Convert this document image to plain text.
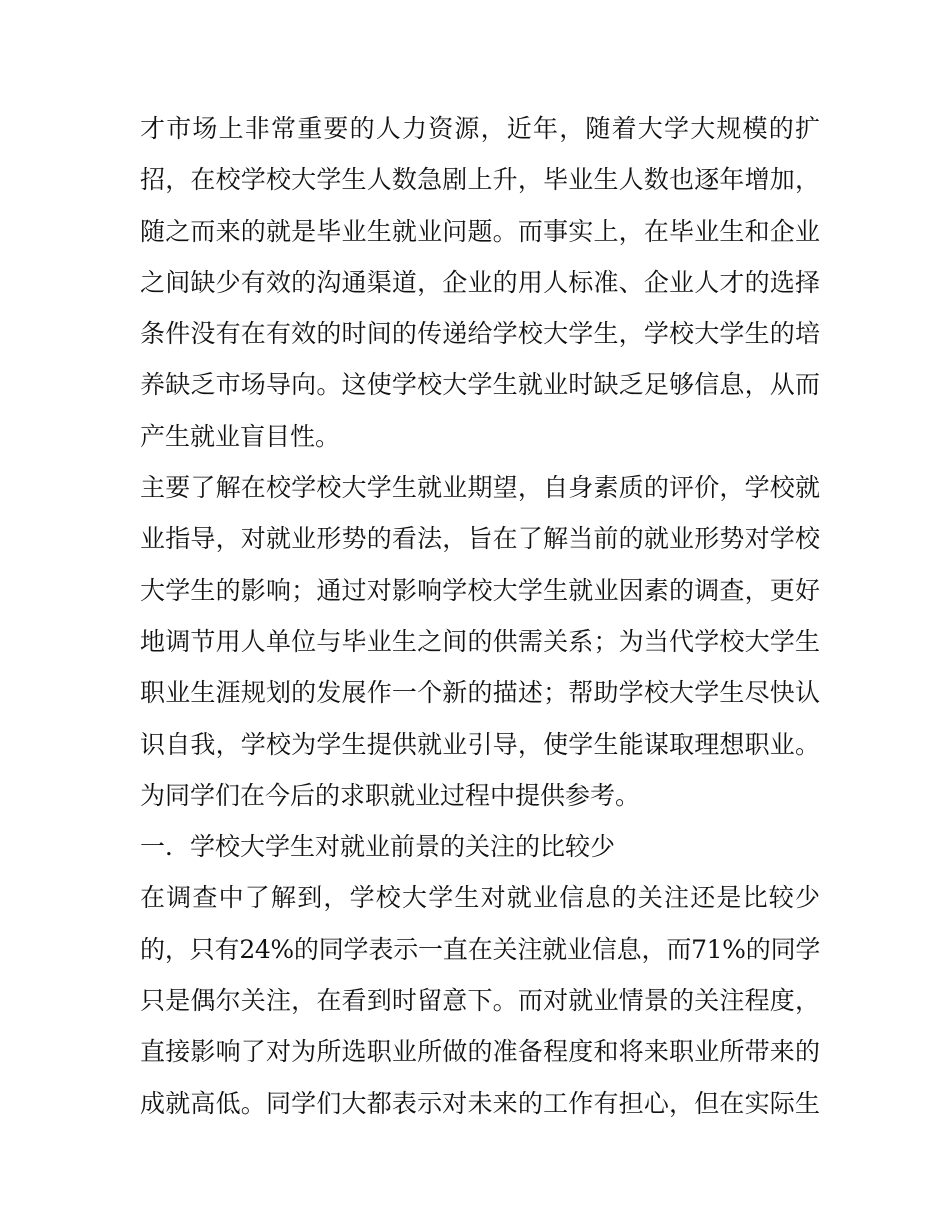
才市场上非常重要的人力资源，近年，随着大学大规模的扩
招，在校学校大学生人数急剧上升，毕业生人数也逐年增加，
随之而来的就是毕业生就业问题。而事实上，在毕业生和企业
之间缺少有效的沟通渠道，企业的用人标准、企业人才的选择
条件没有在有效的时间的传递给学校大学生，学校大学生的培
养缺乏市场导向。这使学校大学生就业时缺乏足够信息，从而
产生就业盲目性。
主要了解在校学校大学生就业期望，自身素质的评价，学校就
业指导，对就业形势的看法，旨在了解当前的就业形势对学校
大学生的影响；通过对影响学校大学生就业因素的调查，更好
地调节用人单位与毕业生之间的供需关系；为当代学校大学生
职业生涯规划的发展作一个新的描述；帮助学校大学生尽快认
识自我，学校为学生提供就业引导，使学生能谋取理想职业。
为同学们在今后的求职就业过程中提供参考。
一．学校大学生对就业前景的关注的比较少
在调查中了解到，学校大学生对就业信息的关注还是比较少
的，只有24%的同学表示一直在关注就业信息，而71%的同学
只是偶尔关注，在看到时留意下。而对就业情景的关注程度，
直接影响了对为所选职业所做的准备程度和将来职业所带来的
成就高低。同学们大都表示对未来的工作有担心，但在实际生
